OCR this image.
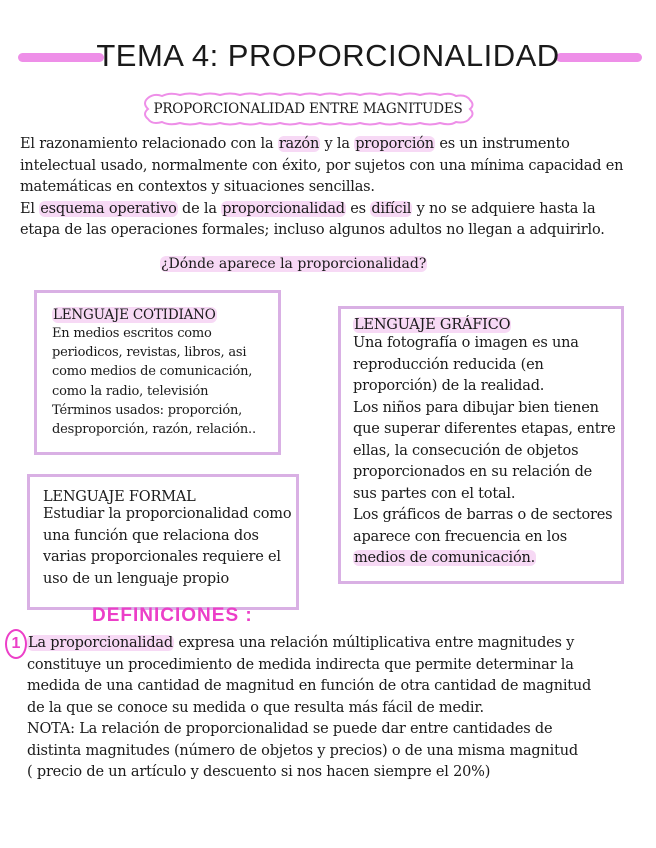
TEMA 4: PROPORCIONALIDAD
PROPORCIONALIDAD ENTRE MAGNITUDES
El razonamiento relacionado con la razón y la proporción es un instrumento
intelectual usado, normalmente con éxito, por sujetos con una mínima capacidad en
matemáticas en contextos y situaciones sencillas.
El esquema operativo de la proporcionalidad es difícil y no se adquiere hasta la
etapa de las operaciones formales; incluso algunos adultos no llegan a adquirirlo.
¿Dónde aparece la proporcionalidad?
LENGUAJE COTIDIANO
En medios escritos como
periodicos, revistas, libros, asi
como medios de comunicación,
como la radio, televisión
Términos usados: proporción,
desproporción, razón, relación..
LENGUAJE GRÁFICO
Una fotografía o imagen es una
reproducción reducida (en
proporción) de la realidad.
Los niños para dibujar bien tienen
que superar diferentes etapas, entre
ellas, la consecución de objetos
proporcionados en su relación de
sus partes con el total.
Los gráficos de barras o de sectores
aparece con frecuencia en los
medios de comunicación.
LENGUAJE FORMAL
Estudiar la proporcionalidad como
una función que relaciona dos
varias proporcionales requiere el
uso de un lenguaje propio
DEFINICIONES :
1 La proporcionalidad expresa una relación múltiplicativa entre magnitudes y
constituye un procedimiento de medida indirecta que permite determinar la
medida de una cantidad de magnitud en función de otra cantidad de magnitud
de la que se conoce su medida o que resulta más fácil de medir.
NOTA: La relación de proporcionalidad se puede dar entre cantidades de
distinta magnitudes (número de objetos y precios) o de una misma magnitud
( precio de un artículo y descuento si nos hacen siempre el 20%)
